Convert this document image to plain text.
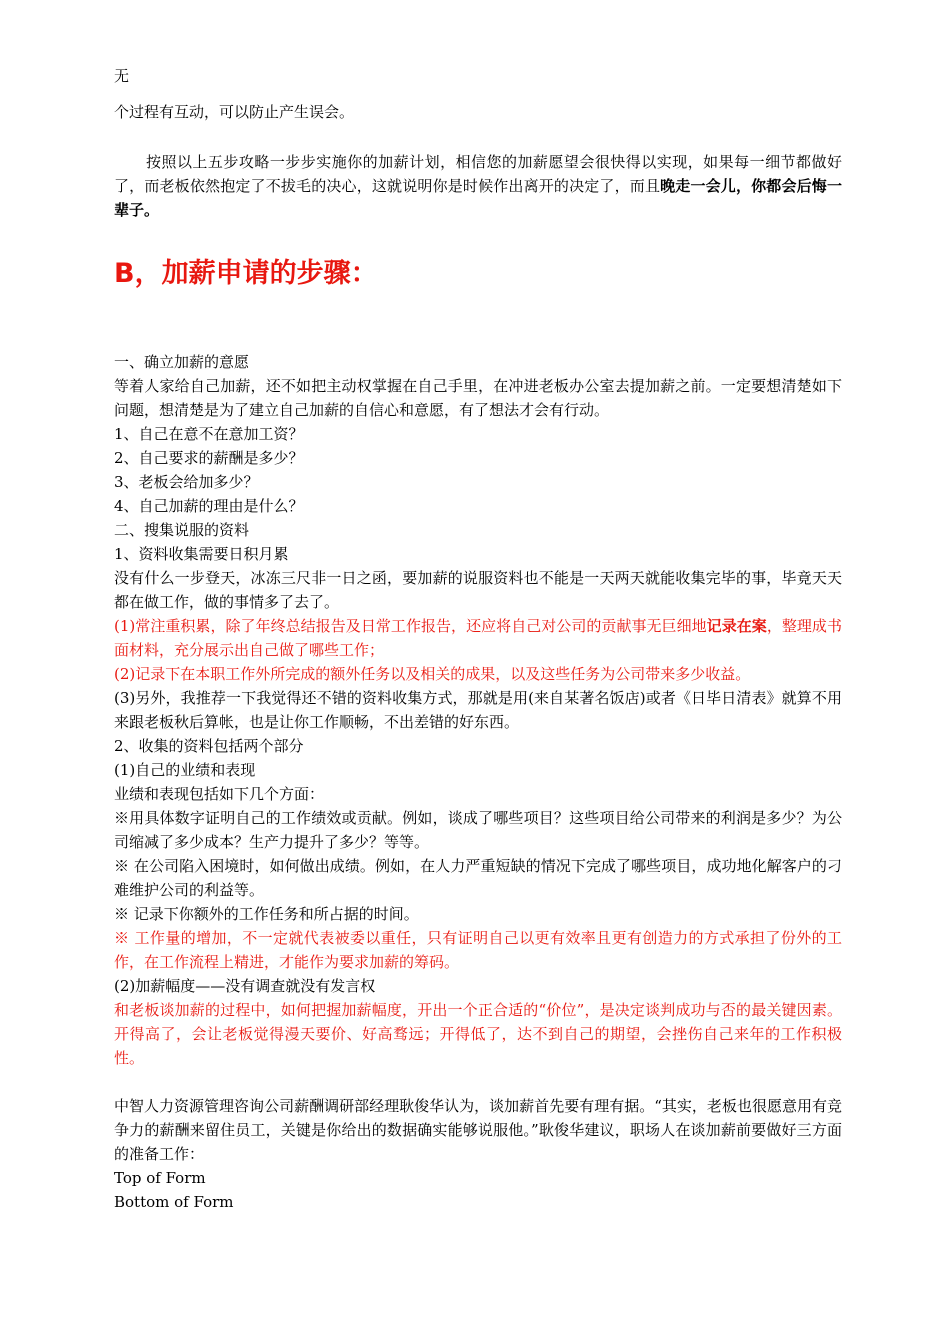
无

个过程有互动，可以防止产生误会。

按照以上五步攻略一步步实施你的加薪计划，相信您的加薪愿望会很快得以实现，如果每一细节都做好了，而老板依然抱定了不拔毛的决心，这就说明你是时候作出离开的决定了，而且晚走一会儿，你都会后悔一辈子。

B，加薪申请的步骤：

一、确立加薪的意愿

等着人家给自己加薪，还不如把主动权掌握在自己手里，在冲进老板办公室去提加薪之前。一定要想清楚如下问题，想清楚是为了建立自己加薪的自信心和意愿，有了想法才会有行动。

1、自己在意不在意加工资？

2、自己要求的薪酬是多少？

3、老板会给加多少？

4、自己加薪的理由是什么？

二、搜集说服的资料

1、资料收集需要日积月累

没有什么一步登天，冰冻三尺非一日之函，要加薪的说服资料也不能是一天两天就能收集完毕的事，毕竟天天都在做工作，做的事情多了去了。

(1)常注重积累，除了年终总结报告及日常工作报告，还应将自己对公司的贡献事无巨细地记录在案，整理成书面材料，充分展示出自己做了哪些工作；

(2)记录下在本职工作外所完成的额外任务以及相关的成果，以及这些任务为公司带来多少收益。

(3)另外，我推荐一下我觉得还不错的资料收集方式，那就是用(来自某著名饭店)或者《日毕日清表》就算不用来跟老板秋后算帐，也是让你工作顺畅，不出差错的好东西。

2、收集的资料包括两个部分

(1)自己的业绩和表现

业绩和表现包括如下几个方面：

※用具体数字证明自己的工作绩效或贡献。例如，谈成了哪些项目？这些项目给公司带来的利润是多少？为公司缩减了多少成本？生产力提升了多少？等等。

※ 在公司陷入困境时，如何做出成绩。例如，在人力严重短缺的情况下完成了哪些项目，成功地化解客户的刁难维护公司的利益等。

※ 记录下你额外的工作任务和所占据的时间。

※ 工作量的增加，不一定就代表被委以重任，只有证明自己以更有效率且更有创造力的方式承担了份外的工作，在工作流程上精进，才能作为要求加薪的筹码。

(2)加薪幅度——没有调查就没有发言权

和老板谈加薪的过程中，如何把握加薪幅度，开出一个正合适的“价位”，是决定谈判成功与否的最关键因素。开得高了，会让老板觉得漫天要价、好高骛远；开得低了，达不到自己的期望，会挫伤自己来年的工作积极性。

中智人力资源管理咨询公司薪酬调研部经理耿俊华认为，谈加薪首先要有理有据。“其实，老板也很愿意用有竞争力的薪酬来留住员工，关键是你给出的数据确实能够说服他。”耿俊华建议，职场人在谈加薪前要做好三方面的准备工作：

Top of Form

Bottom of Form
